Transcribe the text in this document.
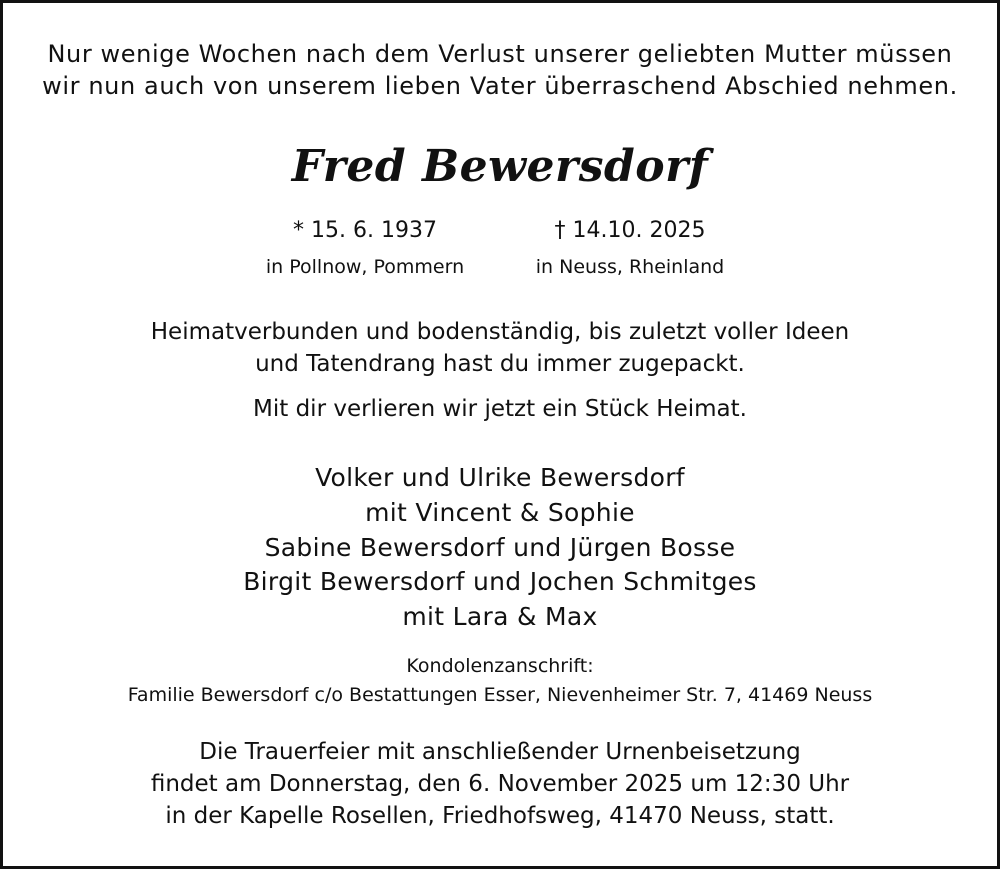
Nur wenige Wochen nach dem Verlust unserer geliebten Mutter müssen
wir nun auch von unserem lieben Vater überraschend Abschied nehmen.
Fred Bewersdorf
* 15. 6. 1937	† 14.10. 2025
in Pollnow, Pommern	in Neuss, Rheinland
Heimatverbunden und bodenständig, bis zuletzt voller Ideen
und Tatendrang hast du immer zugepackt.
Mit dir verlieren wir jetzt ein Stück Heimat.
Volker und Ulrike Bewersdorf
mit Vincent & Sophie
Sabine Bewersdorf und Jürgen Bosse
Birgit Bewersdorf und Jochen Schmitges
mit Lara & Max
Kondolenzanschrift:
Familie Bewersdorf c/o Bestattungen Esser, Nievenheimer Str. 7, 41469 Neuss
Die Trauerfeier mit anschließender Urnenbeisetzung
findet am Donnerstag, den 6. November 2025 um 12:30 Uhr
in der Kapelle Rosellen, Friedhofsweg, 41470 Neuss, statt.
